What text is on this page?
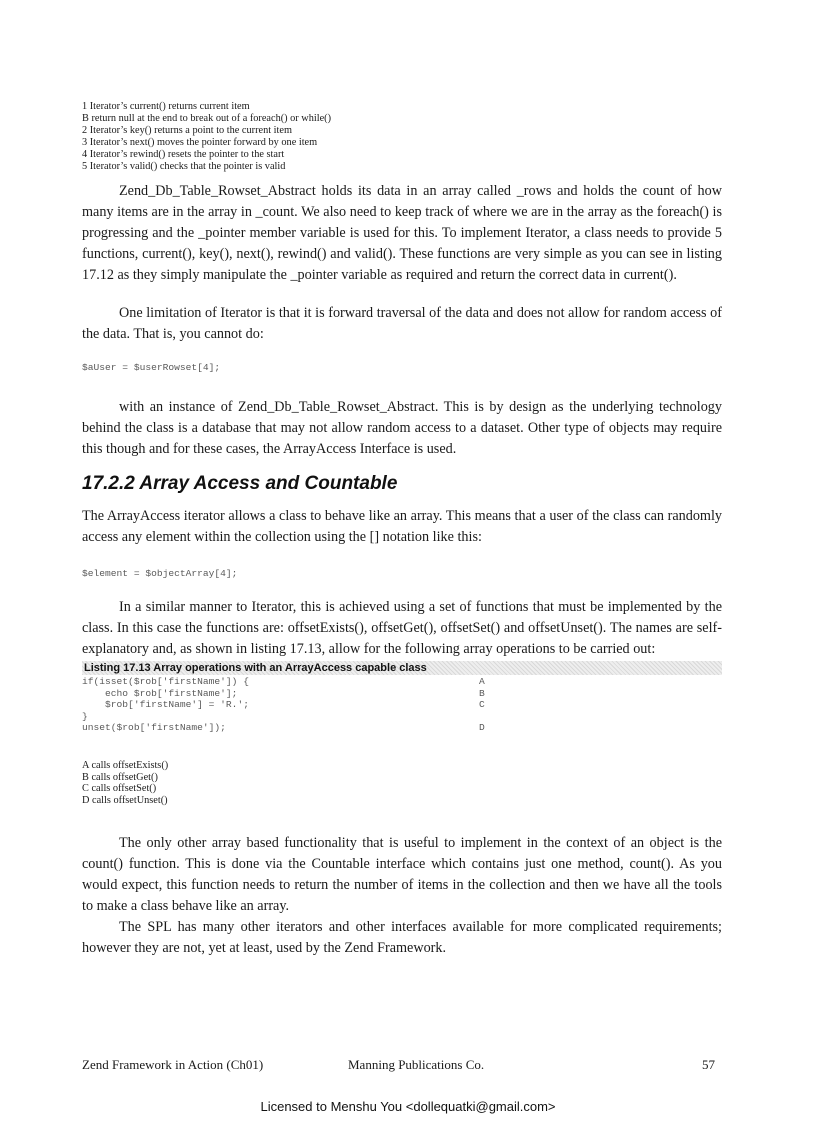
1 Iterator’s current() returns current item
B return null at the end to break out of a foreach() or while()
2 Iterator’s key() returns a point to the current item
3 Iterator’s next() moves the pointer forward by one item
4 Iterator’s rewind() resets the pointer to the start
5 Iterator’s valid() checks that the pointer is valid

Zend_Db_Table_Rowset_Abstract holds its data in an array called _rows and holds the count of how many items are in the array in _count. We also need to keep track of where we are in the array as the foreach() is progressing and the _pointer member variable is used for this. To implement Iterator, a class needs to provide 5 functions, current(), key(), next(), rewind() and valid(). These functions are very simple as you can see in listing 17.12 as they simply manipulate the _pointer variable as required and return the correct data in current().

One limitation of Iterator is that it is forward traversal of the data and does not allow for random access of the data. That is, you cannot do:

$aUser = $userRowset[4];

with an instance of Zend_Db_Table_Rowset_Abstract. This is by design as the underlying technology behind the class is a database that may not allow random access to a dataset. Other type of objects may require this though and for these cases, the ArrayAccess Interface is used.

17.2.2 Array Access and Countable

The ArrayAccess iterator allows a class to behave like an array. This means that a user of the class can randomly access any element within the collection using the [] notation like this:

$element = $objectArray[4];

In a similar manner to Iterator, this is achieved using a set of functions that must be implemented by the class. In this case the functions are: offsetExists(), offsetGet(), offsetSet() and offsetUnset(). The names are self-explanatory and, as shown in listing 17.13, allow for the following array operations to be carried out:

Listing 17.13 Array operations with an ArrayAccess capable class
if(isset($rob['firstName']) {	A
echo $rob['firstName'];	B
$rob['firstName'] = 'R.';	C
}
unset($rob['firstName']);	D
A calls offsetExists()
B calls offsetGet()
C calls offsetSet()
D calls offsetUnset()

The only other array based functionality that is useful to implement in the context of an object is the count() function. This is done via the Countable interface which contains just one method, count(). As you would expect, this function needs to return the number of items in the collection and then we have all the tools to make a class behave like an array.

The SPL has many other iterators and other interfaces available for more complicated requirements; however they are not, yet at least, used by the Zend Framework.

Zend Framework in Action (Ch01)	Manning Publications Co.	57
Licensed to Menshu You <dollequatki@gmail.com>
